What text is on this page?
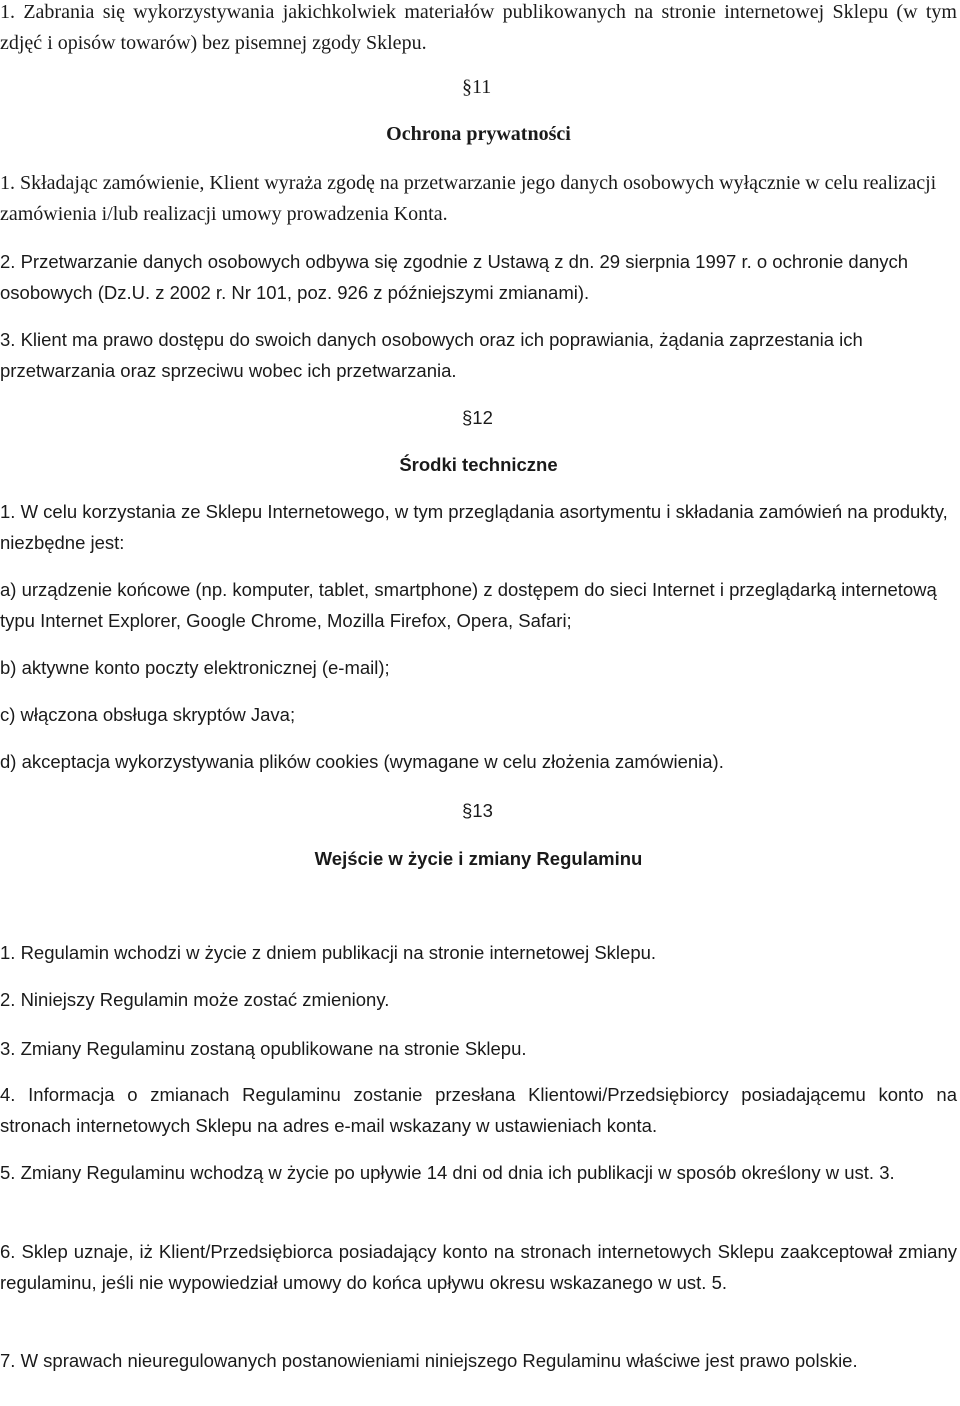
1. Zabrania się wykorzystywania jakichkolwiek materiałów publikowanych na stronie internetowej Sklepu (w tym zdjęć i opisów towarów) bez pisemnej zgody Sklepu.

§11

Ochrona prywatności

1. Składając zamówienie, Klient wyraża zgodę na przetwarzanie jego danych osobowych wyłącznie w celu realizacji zamówienia i/lub realizacji umowy prowadzenia Konta.

2. Przetwarzanie danych osobowych odbywa się zgodnie z Ustawą z dn. 29 sierpnia 1997 r. o ochronie danych osobowych (Dz.U. z 2002 r. Nr 101, poz. 926 z późniejszymi zmianami).

3. Klient ma prawo dostępu do swoich danych osobowych oraz ich poprawiania, żądania zaprzestania ich przetwarzania oraz sprzeciwu wobec ich przetwarzania.

§12

Środki techniczne

1. W celu korzystania ze Sklepu Internetowego, w tym przeglądania asortymentu i składania zamówień na produkty, niezbędne jest:

a) urządzenie końcowe (np. komputer, tablet, smartphone) z dostępem do sieci Internet i przeglądarką internetową typu Internet Explorer, Google Chrome, Mozilla Firefox, Opera, Safari;

b) aktywne konto poczty elektronicznej (e-mail);

c) włączona obsługa skryptów Java;

d) akceptacja wykorzystywania plików cookies (wymagane w celu złożenia zamówienia).

§13

Wejście w życie i zmiany Regulaminu

1. Regulamin wchodzi w życie z dniem publikacji na stronie internetowej Sklepu.

2. Niniejszy Regulamin może zostać zmieniony.

3. Zmiany Regulaminu zostaną opublikowane na stronie Sklepu.

4. Informacja o zmianach Regulaminu zostanie przesłana Klientowi/Przedsiębiorcy posiadającemu konto na stronach internetowych Sklepu na adres e-mail wskazany w ustawieniach konta.

5. Zmiany Regulaminu wchodzą w życie po upływie 14 dni od dnia ich publikacji w sposób określony w ust. 3.

6. Sklep uznaje, iż Klient/Przedsiębiorca posiadający konto na stronach internetowych Sklepu zaakceptował zmiany regulaminu, jeśli nie wypowiedział umowy do końca upływu okresu wskazanego w ust. 5.

7. W sprawach nieuregulowanych postanowieniami niniejszego Regulaminu właściwe jest prawo polskie.
